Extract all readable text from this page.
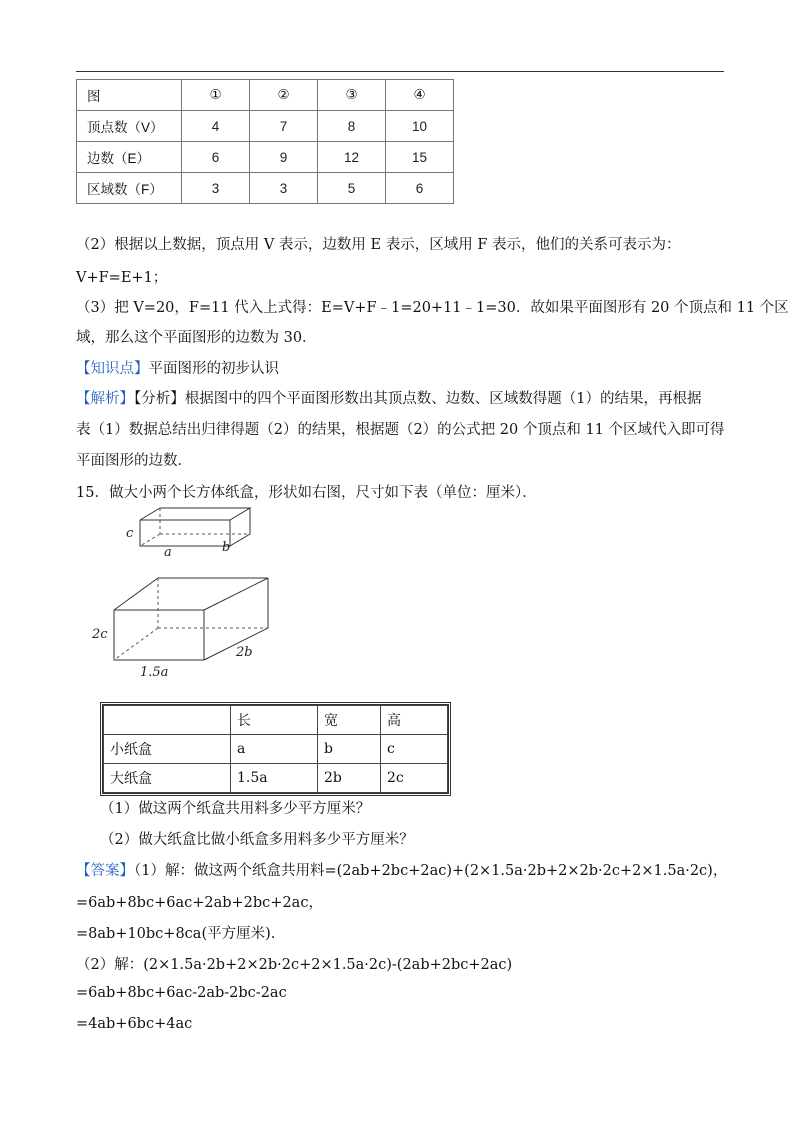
图	①	②	③	④
顶点数（V）	4	7	8	10
边数（E）	6	9	12	15
区域数（F）	3	3	5	6
（2）根据以上数据，顶点用 V 表示，边数用 E 表示，区域用 F 表示，他们的关系可表示为：
V+F=E+1；
（3）把 V=20，F=11 代入上式得：E=V+F﹣1=20+11﹣1=30．故如果平面图形有 20 个顶点和 11 个区
域，那么这个平面图形的边数为 30．
【知识点】平面图形的初步认识
【解析】【分析】根据图中的四个平面图形数出其顶点数、边数、区域数得题（1）的结果，再根据
表（1）数据总结出归律得题（2）的结果，根据题（2）的公式把 20 个顶点和 11 个区域代入即可得
平面图形的边数．
15．做大小两个长方体纸盒，形状如右图，尺寸如下表（单位：厘米）．
c
a	b
2c
1.5a
2b
	长	宽	高
小纸盒	a	b	c
大纸盒	1.5a	2b	2c
（1）做这两个纸盒共用料多少平方厘米？
（2）做大纸盒比做小纸盒多用料多少平方厘米？
【答案】（1）解：做这两个纸盒共用料=(2ab+2bc+2ac)+(2×1.5a·2b+2×2b·2c+2×1.5a·2c)，
=6ab+8bc+6ac+2ab+2bc+2ac，
=8ab+10bc+8ca(平方厘米).
（2）解：(2×1.5a·2b+2×2b·2c+2×1.5a·2c)-(2ab+2bc+2ac)
=6ab+8bc+6ac-2ab-2bc-2ac
=4ab+6bc+4ac
